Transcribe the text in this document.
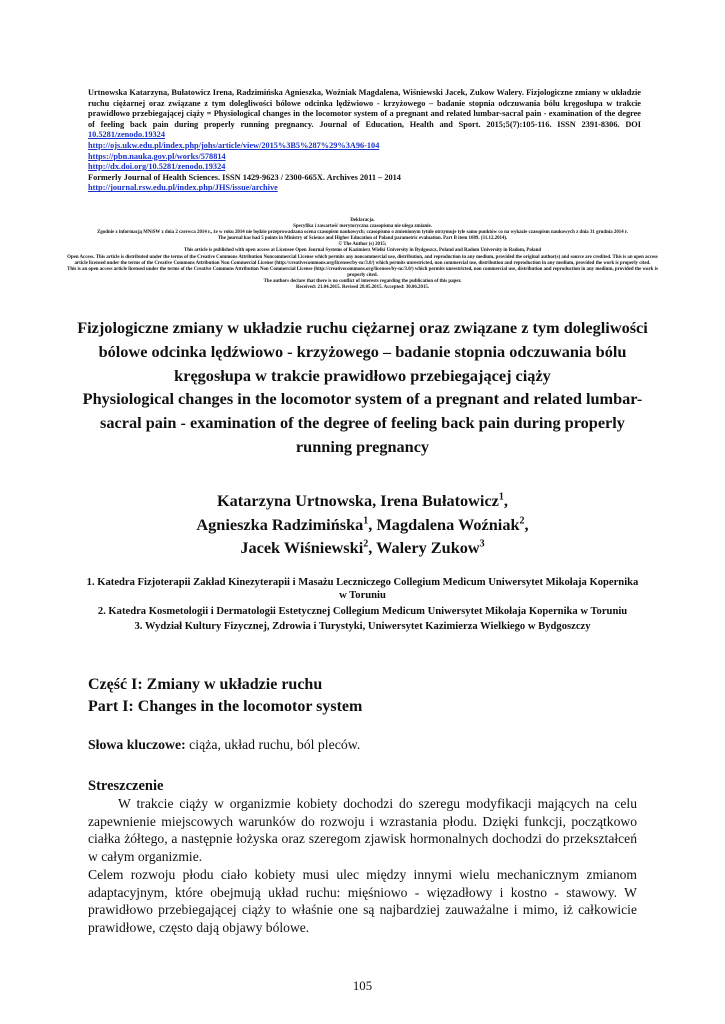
Urtnowska Katarzyna, Bułatowicz Irena, Radzimińska Agnieszka, Woźniak Magdalena, Wiśniewski Jacek, Zukow Walery. Fizjologiczne zmiany w układzie ruchu ciężarnej oraz związane z tym dolegliwości bólowe odcinka lędźwiowo - krzyżowego – badanie stopnia odczuwania bólu kręgosłupa w trakcie prawidłowo przebiegającej ciąży = Physiological changes in the locomotor system of a pregnant and related lumbar-sacral pain - examination of the degree of feeling back pain during properly running pregnancy. Journal of Education, Health and Sport. 2015;5(7):105-116. ISSN 2391-8306. DOI 10.5281/zenodo.19324
http://ojs.ukw.edu.pl/index.php/johs/article/view/2015%3B5%287%29%3A96-104
https://pbn.nauka.gov.pl/works/578814
http://dx.doi.org/10.5281/zenodo.19324
Formerly Journal of Health Sciences. ISSN 1429-9623 / 2300-665X. Archives 2011 – 2014
http://journal.rsw.edu.pl/index.php/JHS/issue/archive

Deklaracja.

Specyfika i zawartość merytoryczna czasopisma nie ulega zmianie.

Zgodnie z informacją MNiSW z dnia 2 czerwca 2014 r., że w roku 2014 nie będzie przeprowadzana ocena czasopism naukowych; czasopismo o zmienionym tytule otrzymuje tyle samo punktów co na wykazie czasopism naukowych z dnia 31 grudnia 2014 r.

The journal has had 5 points in Ministry of Science and Higher Education of Poland parametric evaluation. Part B item 1089. (31.12.2014).

© The Author (s) 2015;

This article is published with open access at Licensee Open Journal Systems of Kazimierz Wielki University in Bydgoszcz, Poland and Radom University in Radom, Poland

Open Access. This article is distributed under the terms of the Creative Commons Attribution Noncommercial License which permits any noncommercial use, distribution, and reproduction in any medium, provided the original author(s) and source are credited. This is an open access article licensed under the terms of the Creative Commons Attribution Non Commercial License (http://creativecommons.org/licenses/by-nc/3.0/) which permits unrestricted, non commercial use, distribution and reproduction in any medium, provided the work is properly cited.

This is an open access article licensed under the terms of the Creative Commons Attribution Non Commercial License (http://creativecommons.org/licenses/by-nc/3.0/) which permits unrestricted, non commercial use, distribution and reproduction in any medium, provided the work is properly cited.

The authors declare that there is no conflict of interests regarding the publication of this paper.

Received: 21.04.2015. Revised 28.05.2015. Accepted: 30.06.2015.

Fizjologiczne zmiany w układzie ruchu ciężarnej oraz związane z tym dolegliwości bólowe odcinka lędźwiowo - krzyżowego – badanie stopnia odczuwania bólu kręgosłupa w trakcie prawidłowo przebiegającej ciąży

Physiological changes in the locomotor system of a pregnant and related lumbar-sacral pain - examination of the degree of feeling back pain during properly running pregnancy

Katarzyna Urtnowska, Irena Bułatowicz$^1$,
Agnieszka Radzimińska$^1$, Magdalena Woźniak$^2$,
Jacek Wiśniewski$^2$, Walery Zukow$^3$

1. Katedra Fizjoterapii Zakład Kinezyterapii i Masażu Leczniczego Collegium Medicum Uniwersytet Mikołaja Kopernika w Toruniu

2. Katedra Kosmetologii i Dermatologii Estetycznej Collegium Medicum Uniwersytet Mikołaja Kopernika w Toruniu

3. Wydział Kultury Fizycznej, Zdrowia i Turystyki, Uniwersytet Kazimierza Wielkiego w Bydgoszczy

Część I: Zmiany w układzie ruchu

Part I: Changes in the locomotor system

Słowa kluczowe: ciąża, układ ruchu, ból pleców.
Streszczenie

W trakcie ciąży w organizmie kobiety dochodzi do szeregu modyfikacji mających na celu zapewnienie miejscowych warunków do rozwoju i wzrastania płodu. Dzięki funkcji, początkowo ciałka żółtego, a następnie łożyska oraz szeregom zjawisk hormonalnych dochodzi do przekształceń w całym organizmie.

Celem rozwoju płodu ciało kobiety musi ulec między innymi wielu mechanicznym zmianom adaptacyjnym, które obejmują układ ruchu: mięśniowo - więzadłowy i kostno - stawowy. W prawidłowo przebiegającej ciąży to właśnie one są najbardziej zauważalne i mimo, iż całkowicie prawidłowe, często dają objawy bólowe.

105
